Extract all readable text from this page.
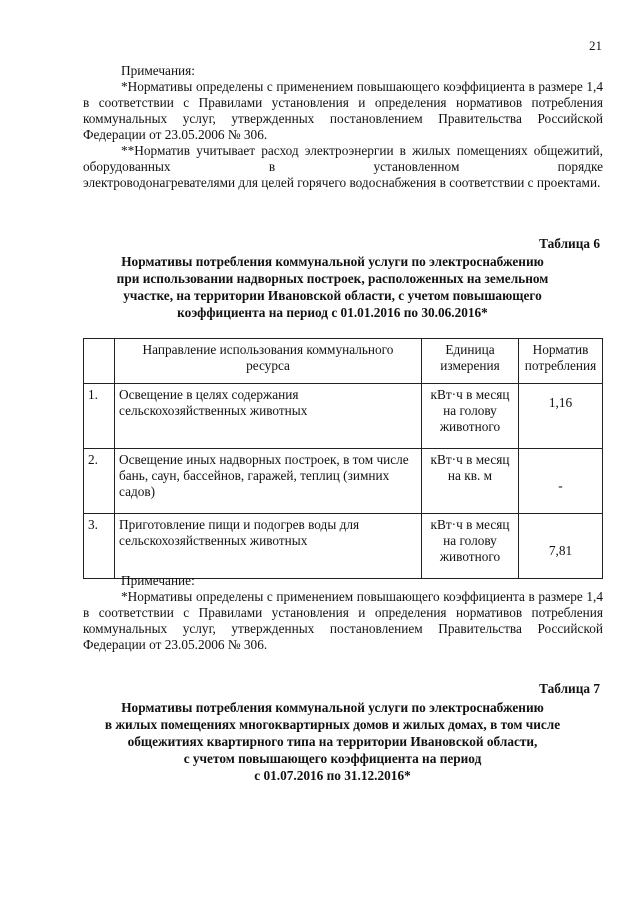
21

Примечания:

*Нормативы определены с применением повышающего коэффициента в размере 1,4 в соответствии с Правилами установления и определения нормативов потребления коммунальных услуг, утвержденных постановлением Правительства Российской Федерации от 23.05.2006 № 306.

**Норматив учитывает расход электроэнергии в жилых помещениях общежитий, оборудованных в установленном порядке

электроводонагревателями для целей горячего водоснабжения в соответствии с проектами.

Таблица 6
Нормативы потребления коммунальной услуги по электроснабжению
при использовании надворных построек, расположенных на земельном
участке, на территории Ивановской области, с учетом повышающего
коэффициента на период с 01.01.2016 по 30.06.2016*
	Направление использования коммунального ресурса	Единица измерения	Норматив потребления
1.	Освещение в целях содержания сельскохозяйственных животных	кВт·ч в месяц на голову животного	1,16

2.	Освещение иных надворных построек, в том числе бань, саун, бассейнов, гаражей, теплиц (зимних садов)	кВт·ч в месяц на кв. м	-

3.	Приготовление пищи и подогрев воды для сельскохозяйственных животных	кВт·ч в месяц на голову животного	7,81

Примечание:

*Нормативы определены с применением повышающего коэффициента в размере 1,4 в соответствии с Правилами установления и определения нормативов потребления коммунальных услуг, утвержденных постановлением Правительства Российской Федерации от 23.05.2006 № 306.

Таблица 7
Нормативы потребления коммунальной услуги по электроснабжению
в жилых помещениях многоквартирных домов и жилых домах, в том числе
общежитиях квартирного типа на территории Ивановской области,
с учетом повышающего коэффициента на период
с 01.07.2016 по 31.12.2016*
